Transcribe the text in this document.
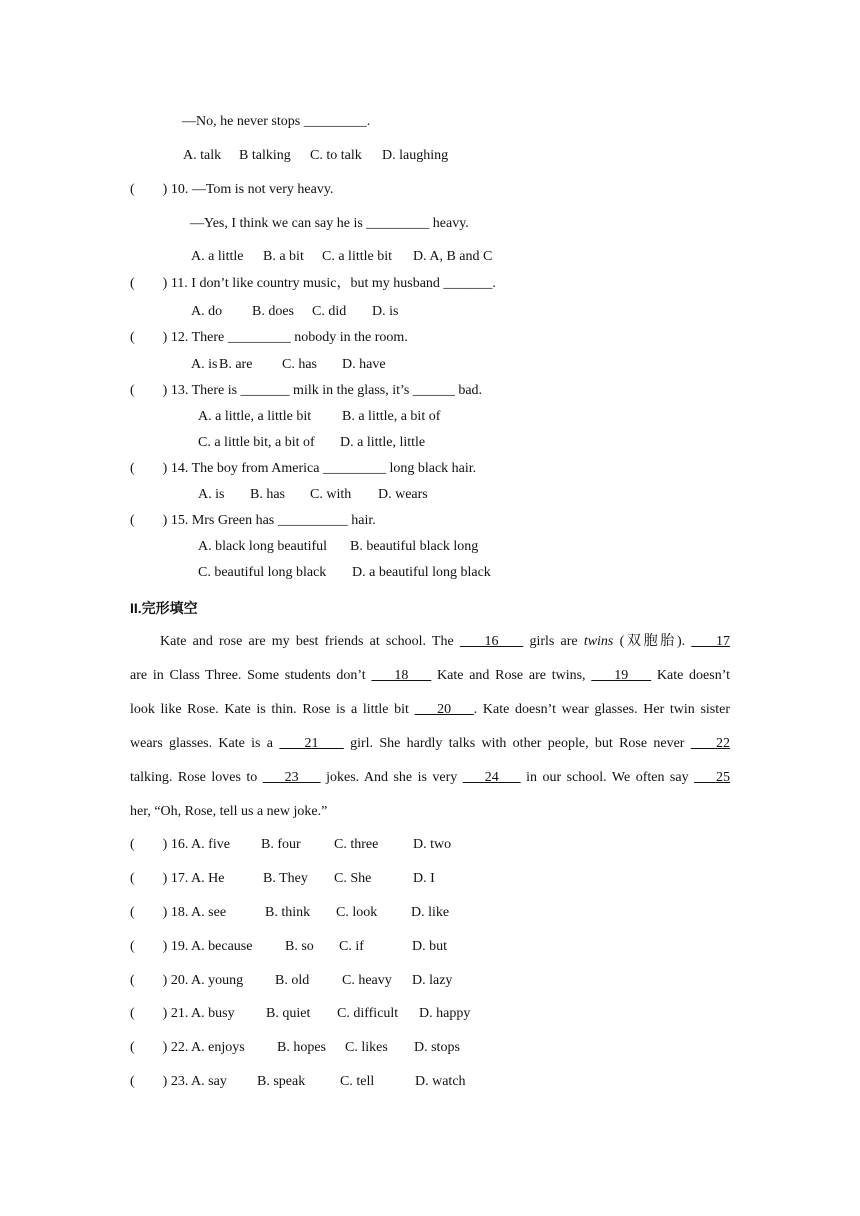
—No, he never stops _________.
A. talk B talking C. to talk D. laughing
(        ) 10. —Tom is not very heavy.
—Yes, I think we can say he is _________ heavy.
A. a little B. a bit C. a little bit D. A, B and C
(        ) 11. I don’t like country music，but my husband _______.
A. do B. does C. did D. is
(        ) 12. There _________ nobody in the room.
A. is B. are C. has D. have
(        ) 13. There is _______ milk in the glass, it’s ______ bad.
A. a little, a little bit B. a little, a bit of
C. a little bit, a bit of D. a little, little
(        ) 14. The boy from America _________ long black hair.
A. is B. has C. with D. wears
(        ) 15. Mrs Green has __________ hair.
A. black long beautiful B. beautiful black long
C. beautiful long black D. a beautiful long black
II.完形填空
Kate and rose are my best friends at school. The     16     girls are twins (双胞胎).     17
are in Class Three. Some students don’t     18     Kate and Rose are twins,     19     Kate doesn’t
look like Rose. Kate is thin. Rose is a little bit     20    . Kate doesn’t wear glasses. Her twin sister
wears glasses. Kate is a     21     girl. She hardly talks with other people, but Rose never     22
talking. Rose loves to     23     jokes. And she is very     24     in our school. We often say     25
her, “Oh, Rose, tell us a new joke.”
(        ) 16. A. five B. four C. three D. two
(        ) 17. A. He	B. They C. She	D. I
(        ) 18. A. see	B. think C. look D. like
(        ) 19. A. because B. so C. if	D. but
(        ) 20. A. young B. old C. heavy D. lazy
(        ) 21. A. busy B. quiet C. difficult D. happy
(        ) 22. A. enjoys B. hopes C. likes D. stops
(        ) 23. A. say B. speak C. tell	D. watch
